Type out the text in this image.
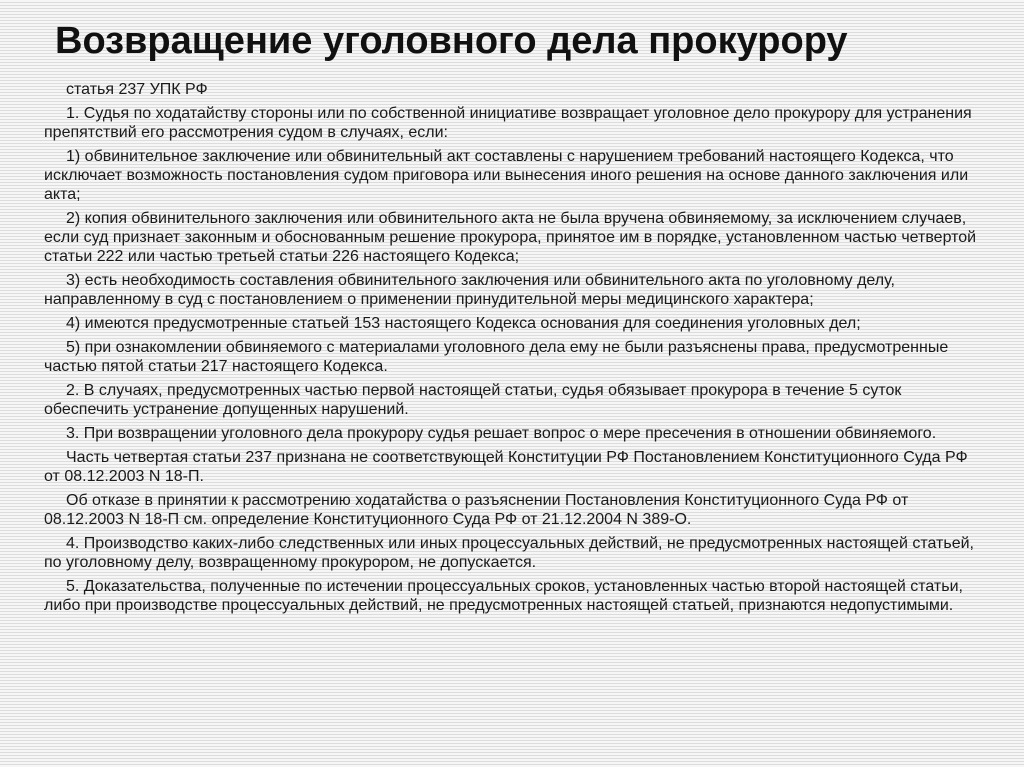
Возвращение уголовного дела прокурору

статья 237 УПК РФ

1. Судья по ходатайству стороны или по собственной инициативе возвращает уголовное дело прокурору для устранения препятствий его рассмотрения судом в случаях, если:

1) обвинительное заключение или обвинительный акт составлены с нарушением требований настоящего Кодекса, что исключает возможность постановления судом приговора или вынесения иного решения на основе данного заключения или акта;

2) копия обвинительного заключения или обвинительного акта не была вручена обвиняемому, за исключением случаев, если суд признает законным и обоснованным решение прокурора, принятое им в порядке, установленном частью четвертой статьи 222 или частью третьей статьи 226 настоящего Кодекса;

3) есть необходимость составления обвинительного заключения или обвинительного акта по уголовному делу, направленному в суд с постановлением о применении принудительной меры медицинского характера;

4) имеются предусмотренные статьей 153 настоящего Кодекса основания для соединения уголовных дел;

5) при ознакомлении обвиняемого с материалами уголовного дела ему не были разъяснены права, предусмотренные частью пятой статьи 217 настоящего Кодекса.

2. В случаях, предусмотренных частью первой настоящей статьи, судья обязывает прокурора в течение 5 суток обеспечить устранение допущенных нарушений.

3. При возвращении уголовного дела прокурору судья решает вопрос о мере пресечения в отношении обвиняемого.

Часть четвертая статьи 237 признана не соответствующей Конституции РФ Постановлением Конституционного Суда РФ от 08.12.2003 N 18-П.

Об отказе в принятии к рассмотрению ходатайства о разъяснении Постановления Конституционного Суда РФ от 08.12.2003 N 18-П см. определение Конституционного Суда РФ от 21.12.2004 N 389-О.

4. Производство каких-либо следственных или иных процессуальных действий, не предусмотренных настоящей статьей, по уголовному делу, возвращенному прокурором, не допускается.

5. Доказательства, полученные по истечении процессуальных сроков, установленных частью второй настоящей статьи, либо при производстве процессуальных действий, не предусмотренных настоящей статьей, признаются недопустимыми.
